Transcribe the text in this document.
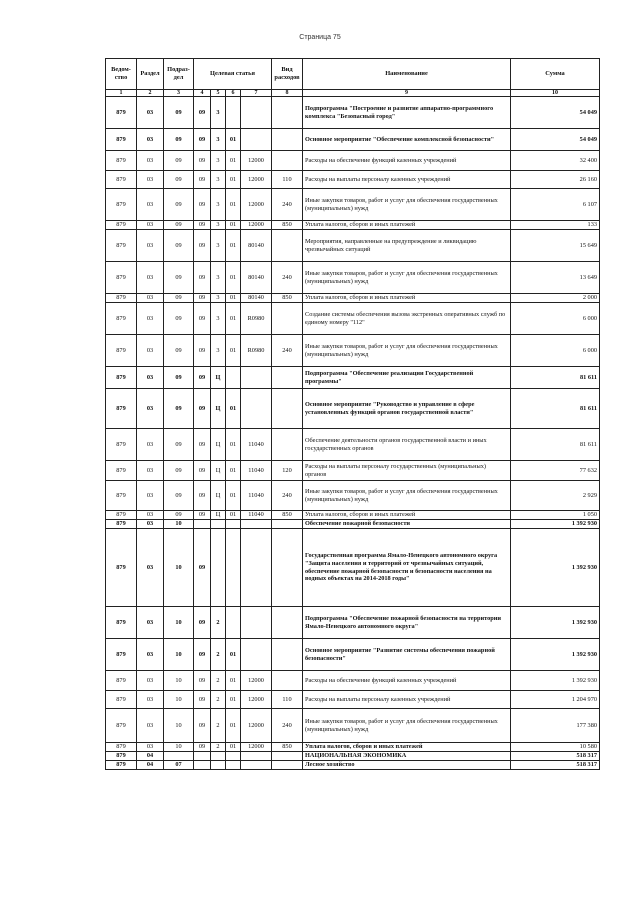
Страница 75
Ведом-ство	Раздел	Подраз-дел	Целевая статья				Вид расходов	Наименование	Сумма
1	2	3	4	5	6	7	8	9	10
879	03	09	09	3				Подпрограмма "Построение и развитие аппаратно-программного комплекса "Безопасный город"	54 049
879	03	09	09	3	01			Основное мероприятие "Обеспечение комплексной безопасности"	54 049
879	03	09	09	3	01	12000		Расходы на обеспечение функций казенных учреждений	32 400
879	03	09	09	3	01	12000	110	Расходы на выплаты персоналу казенных учреждений	26 160
879	03	09	09	3	01	12000	240	Иные закупки товаров, работ и услуг для обеспечения государственных (муниципальных) нужд	6 107
879	03	09	09	3	01	12000	850	Уплата налогов, сборов и иных платежей	133
879	03	09	09	3	01	80140		Мероприятия, направленные на предупреждение и ликвидацию чрезвычайных ситуаций	15 649
879	03	09	09	3	01	80140	240	Иные закупки товаров, работ и услуг для обеспечения государственных (муниципальных) нужд	13 649
879	03	09	09	3	01	80140	850	Уплата налогов, сборов и иных платежей	2 000
879	03	09	09	3	01	R0980		Создание системы обеспечения вызова экстренных оперативных служб по единому номеру "112"	6 000
879	03	09	09	3	01	R0980	240	Иные закупки товаров, работ и услуг для обеспечения государственных (муниципальных) нужд	6 000
879	03	09	09	Ц				Подпрограмма "Обеспечение реализации Государственной программы"	81 611
879	03	09	09	Ц	01			Основное мероприятие "Руководство и управление в сфере установленных функций органов государственной власти"	81 611
879	03	09	09	Ц	01	11040		Обеспечение деятельности органов государственной власти и иных государственных органов	81 611
879	03	09	09	Ц	01	11040	120	Расходы на выплаты персоналу государственных (муниципальных) органов	77 632
879	03	09	09	Ц	01	11040	240	Иные закупки товаров, работ и услуг для обеспечения государственных (муниципальных) нужд	2 929
879	03	09	09	Ц	01	11040	850	Уплата налогов, сборов и иных платежей	1 050
879	03	10						Обеспечение пожарной безопасности	1 392 930
879	03	10	09					Государственная программа Ямало-Ненецкого автономного округа "Защита населения и территорий от чрезвычайных ситуаций, обеспечение пожарной безопасности и безопасности населения на водных объектах на 2014-2018 годы"	1 392 930
879	03	10	09	2				Подпрограмма "Обеспечение пожарной безопасности на территории Ямало-Ненецкого автономного округа"	1 392 930
879	03	10	09	2	01			Основное мероприятие "Развитие системы обеспечения пожарной безопасности"	1 392 930
879	03	10	09	2	01	12000		Расходы на обеспечение функций казенных учреждений	1 392 930
879	03	10	09	2	01	12000	110	Расходы на выплаты персоналу казенных учреждений	1 204 970
879	03	10	09	2	01	12000	240	Иные закупки товаров, работ и услуг для обеспечения государственных (муниципальных) нужд	177 380
879	03	10	09	2	01	12000	850	Уплата налогов, сборов и иных платежей	10 580
879	04							НАЦИОНАЛЬНАЯ ЭКОНОМИКА	518 317
879	04	07						Лесное хозяйство	518 317
